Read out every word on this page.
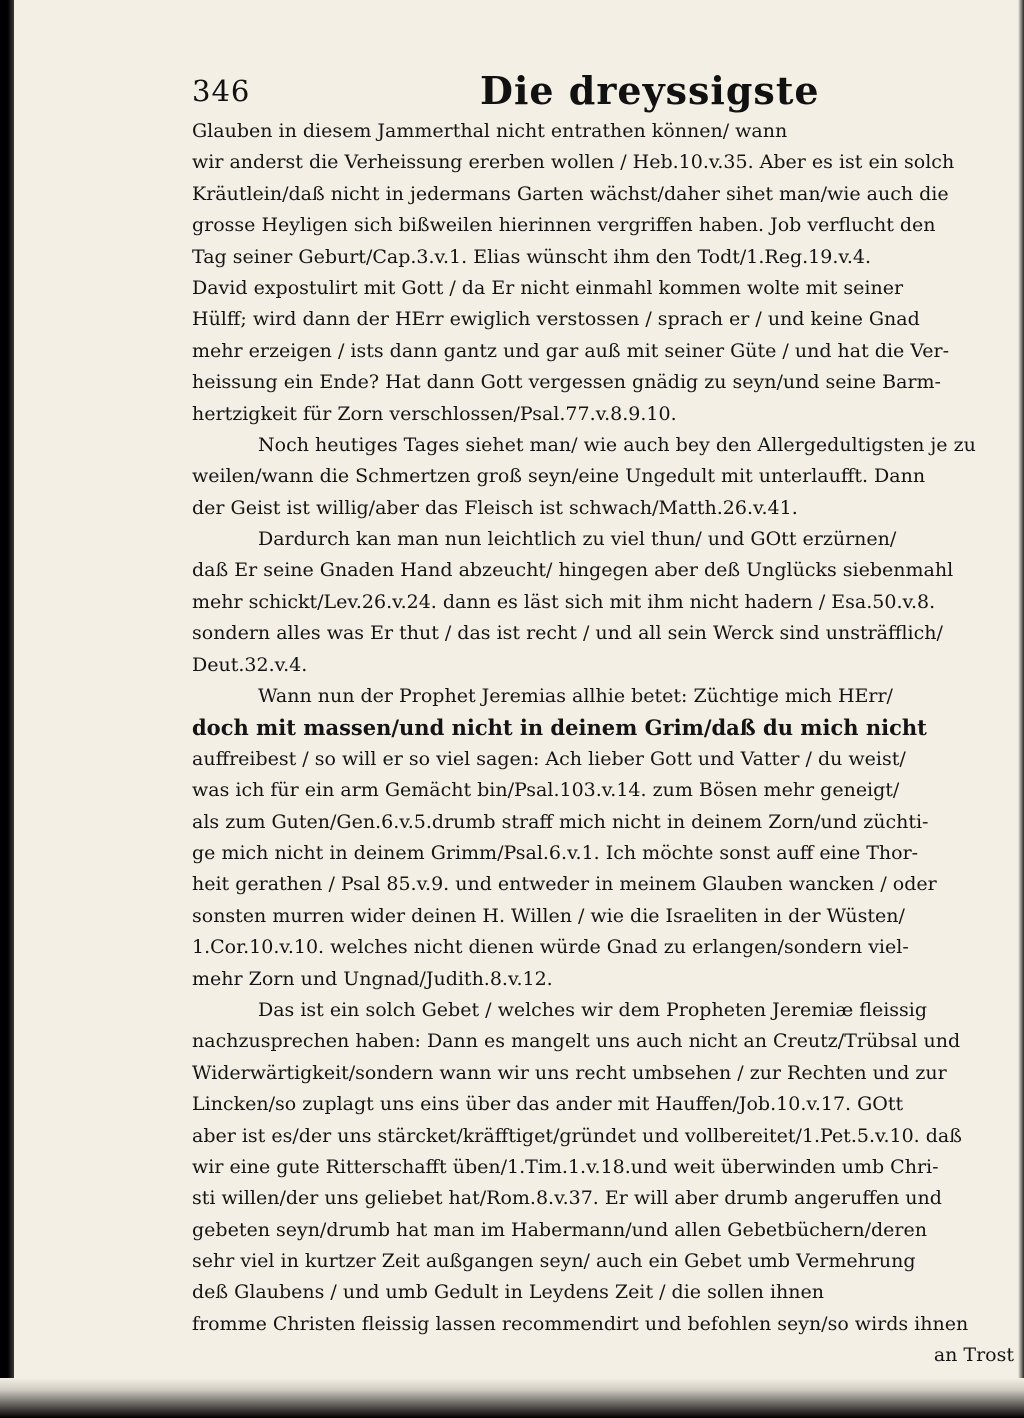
346	Die dreyssigste
Glauben in diesem Jammerthal nicht entrathen können/ wann
wir anderst die Verheissung ererben wollen / Heb.10.v.35. Aber es ist ein solch
Kräutlein/daß nicht in jedermans Garten wächst/daher sihet man/wie auch die
grosse Heyligen sich bißweilen hierinnen vergriffen haben. Job verflucht den
Tag seiner Geburt/Cap.3.v.1. Elias wünscht ihm den Todt/1.Reg.19.v.4.
David expostulirt mit Gott / da Er nicht einmahl kommen wolte mit seiner
Hülff; wird dann der HErr ewiglich verstossen / sprach er / und keine Gnad
mehr erzeigen / ists dann gantz und gar auß mit seiner Güte / und hat die Ver-
heissung ein Ende? Hat dann Gott vergessen gnädig zu seyn/und seine Barm-
hertzigkeit für Zorn verschlossen/Psal.77.v.8.9.10.
Noch heutiges Tages siehet man/ wie auch bey den Allergedultigsten je zu
weilen/wann die Schmertzen groß seyn/eine Ungedult mit unterlaufft. Dann
der Geist ist willig/aber das Fleisch ist schwach/Matth.26.v.41.
Dardurch kan man nun leichtlich zu viel thun/ und GOtt erzürnen/
daß Er seine Gnaden Hand abzeucht/ hingegen aber deß Unglücks siebenmahl
mehr schickt/Lev.26.v.24. dann es läst sich mit ihm nicht hadern / Esa.50.v.8.
sondern alles was Er thut / das ist recht / und all sein Werck sind unsträfflich/
Deut.32.v.4.
Wann nun der Prophet Jeremias allhie betet: Züchtige mich HErr/
doch mit massen/und nicht in deinem Grim/daß du mich nicht
auffreibest / so will er so viel sagen: Ach lieber Gott und Vatter / du weist/
was ich für ein arm Gemächt bin/Psal.103.v.14. zum Bösen mehr geneigt/
als zum Guten/Gen.6.v.5.drumb straff mich nicht in deinem Zorn/und züchti-
ge mich nicht in deinem Grimm/Psal.6.v.1. Ich möchte sonst auff eine Thor-
heit gerathen / Psal 85.v.9. und entweder in meinem Glauben wancken / oder
sonsten murren wider deinen H. Willen / wie die Israeliten in der Wüsten/
1.Cor.10.v.10. welches nicht dienen würde Gnad zu erlangen/sondern viel-
mehr Zorn und Ungnad/Judith.8.v.12.
Das ist ein solch Gebet / welches wir dem Propheten Jeremiæ fleissig
nachzusprechen haben: Dann es mangelt uns auch nicht an Creutz/Trübsal und
Widerwärtigkeit/sondern wann wir uns recht umbsehen / zur Rechten und zur
Lincken/so zuplagt uns eins über das ander mit Hauffen/Job.10.v.17. GOtt
aber ist es/der uns stärcket/kräfftiget/gründet und vollbereitet/1.Pet.5.v.10. daß
wir eine gute Ritterschafft üben/1.Tim.1.v.18.und weit überwinden umb Chri-
sti willen/der uns geliebet hat/Rom.8.v.37. Er will aber drumb angeruffen und
gebeten seyn/drumb hat man im Habermann/und allen Gebetbüchern/deren
sehr viel in kurtzer Zeit außgangen seyn/ auch ein Gebet umb Vermehrung
deß Glaubens / und umb Gedult in Leydens Zeit / die sollen ihnen
fromme Christen fleissig lassen recommendirt und befohlen seyn/so wirds ihnen
an Trost
